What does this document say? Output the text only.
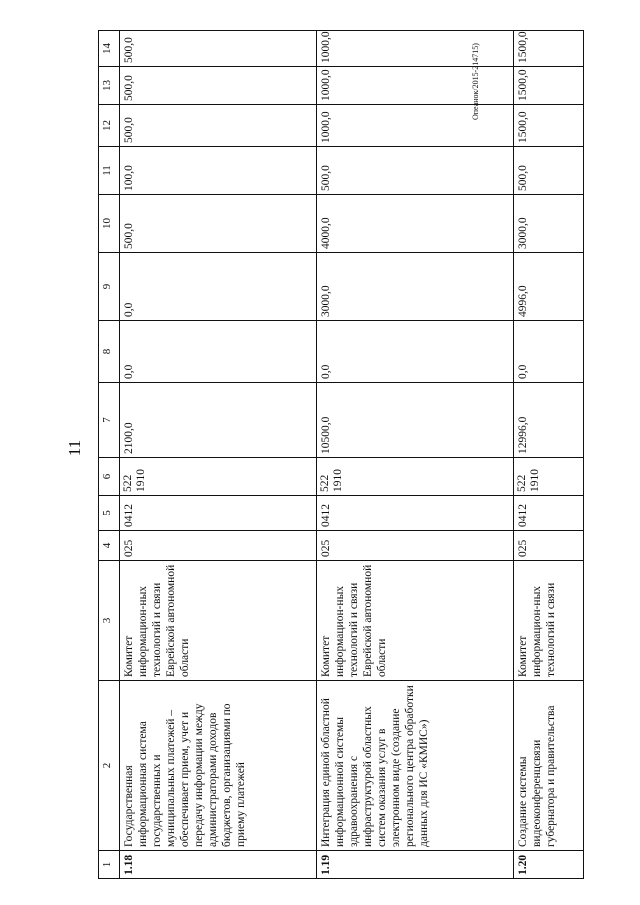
11
Опеанок/2015-214715)
1	2	3	4	5	6	7	8	9	10	11	12	13	14
1.18	Государственная информационная система государственных и муниципальных платежей – обеспечивает прием, учет и передачу информации между администраторами доходов бюджетов, организациями по приему платежей	Комитет информацион-ных технологий и связи Еврейской автономной области	025	0412	522 1910	2100,0	0,0	0,0	500,0	100,0	500,0	500,0	500,0
1.19	Интеграция единой областной информационной системы здравоохранения с инфраструктурой областных систем оказания услуг в электронном виде (создание регионального центра обработки данных для ИС «КМИС»)	Комитет информацион-ных технологий и связи Еврейской автономной области	025	0412	522 1910	10500,0	0,0	3000,0	4000,0	500,0	1000,0	1000,0	1000,0
1.20	Создание системы видеоконференцсвязи губернатора и правительства	Комитет информацион-ных технологий и связи	025	0412	522 1910	12996,0	0,0	4996,0	3000,0	500,0	1500,0	1500,0	1500,0
